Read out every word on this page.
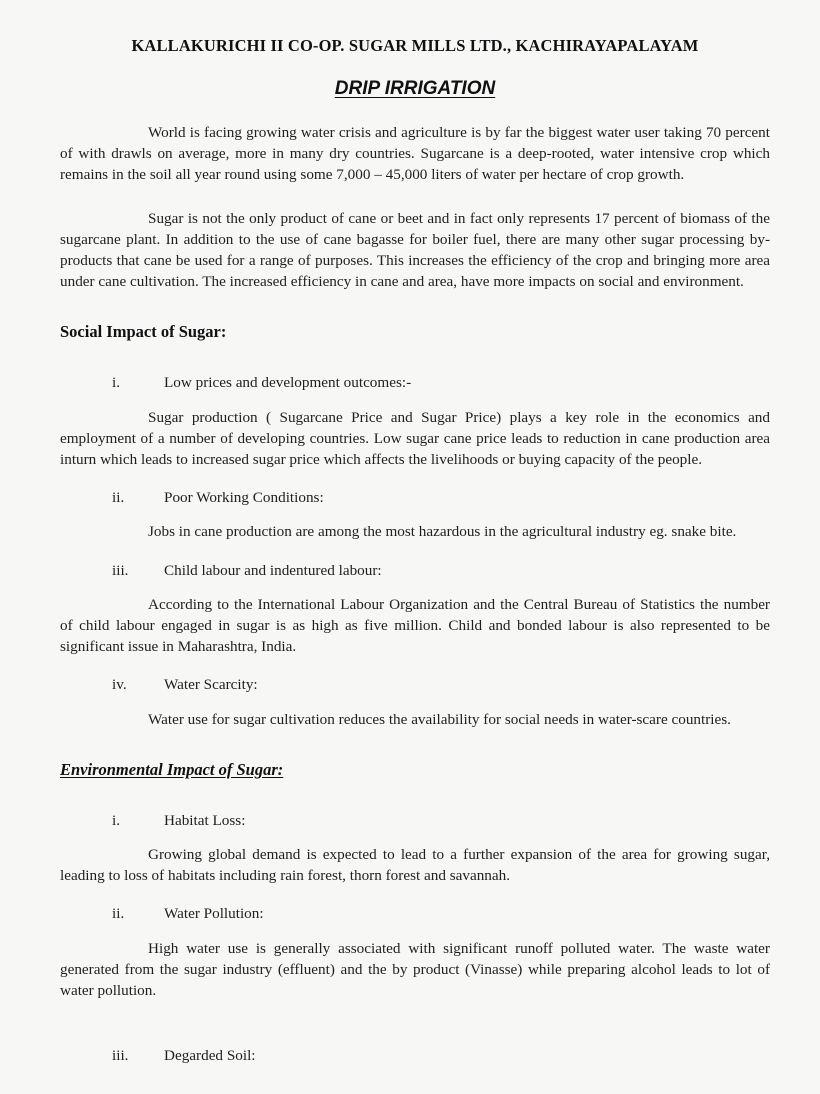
KALLAKURICHI II CO-OP. SUGAR MILLS LTD., KACHIRAYAPALAYAM
DRIP IRRIGATION

World is facing growing water crisis and agriculture is by far the biggest water user taking 70 percent of with drawls on average, more in many dry countries. Sugarcane is a deep-rooted, water intensive crop which remains in the soil all year round using some 7,000 – 45,000 liters of water per hectare of crop growth.

Sugar is not the only product of cane or beet and in fact only represents 17 percent of biomass of the sugarcane plant. In addition to the use of cane bagasse for boiler fuel, there are many other sugar processing by-products that cane be used for a range of purposes. This increases the efficiency of the crop and bringing more area under cane cultivation. The increased efficiency in cane and area, have more impacts on social and environment.

Social Impact of Sugar:
i.	Low prices and development outcomes:-

Sugar production ( Sugarcane Price and Sugar Price) plays a key role in the economics and employment of a number of developing countries. Low sugar cane price leads to reduction in cane production area inturn which leads to increased sugar price which affects the livelihoods or buying capacity of the people.

ii.	Poor Working Conditions:

Jobs in cane production are among the most hazardous in the agricultural industry eg. snake bite.

iii.	Child labour and indentured labour:

According to the International Labour Organization and the Central Bureau of Statistics the number of child labour engaged in sugar is as high as five million. Child and bonded labour is also represented to be significant issue in Maharashtra, India.

iv.	Water Scarcity:

Water use for sugar cultivation reduces the availability for social needs in water-scare countries.

Environmental Impact of Sugar:
i.	Habitat Loss:

Growing global demand is expected to lead to a further expansion of the area for growing sugar, leading to loss of habitats including rain forest, thorn forest and savannah.

ii.	Water Pollution:

High water use is generally associated with significant runoff polluted water. The waste water generated from the sugar industry (effluent) and the by product (Vinasse) while preparing alcohol leads to lot of water pollution.

iii.	Degarded Soil:
